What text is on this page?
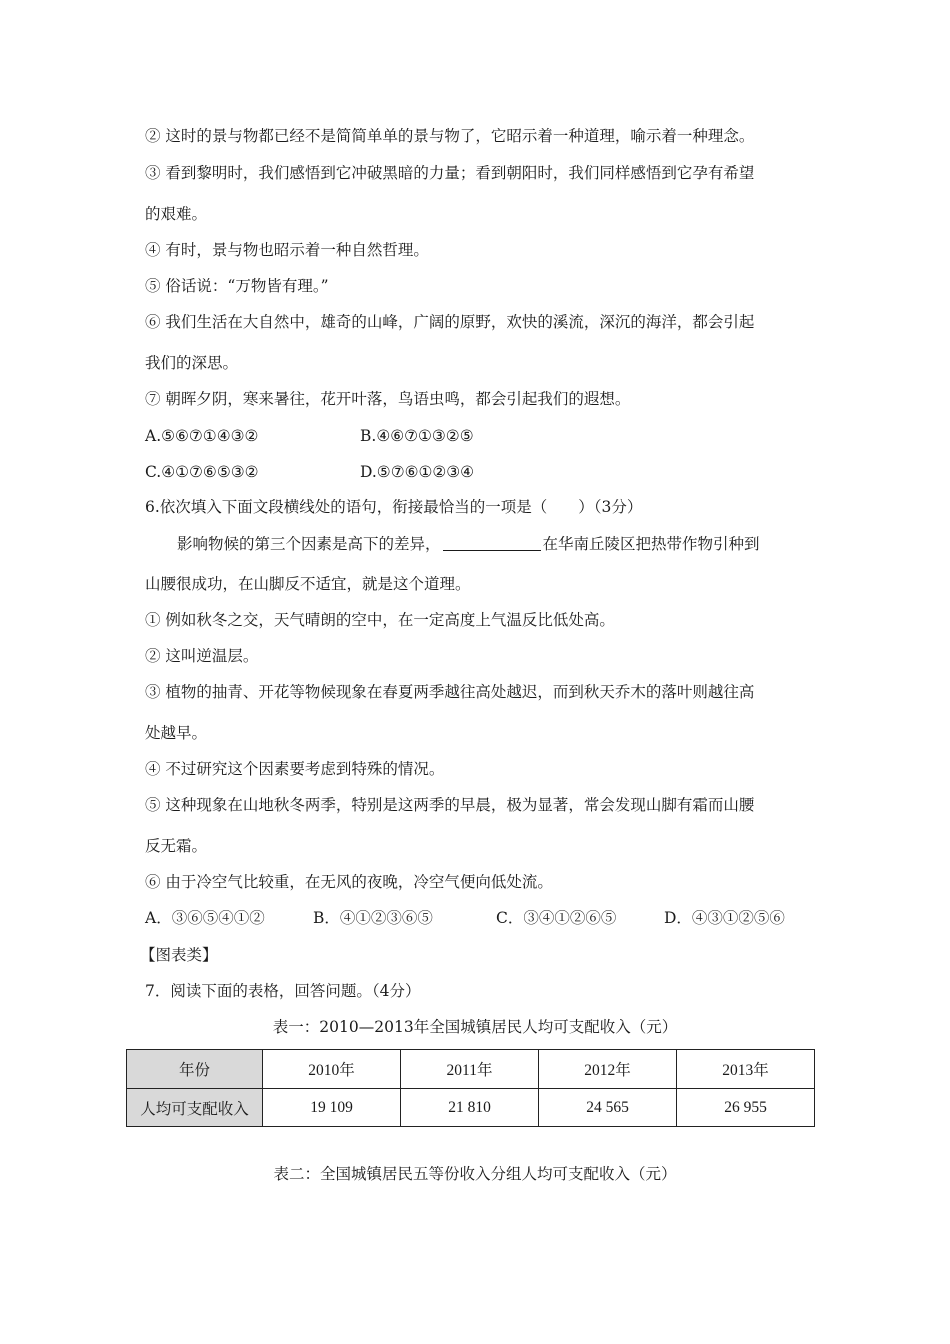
② 这时的景与物都已经不是简简单单的景与物了，它昭示着一种道理，喻示着一种理念。
③ 看到黎明时，我们感悟到它冲破黑暗的力量；看到朝阳时，我们同样感悟到它孕有希望
的艰难。
④ 有时，景与物也昭示着一种自然哲理。
⑤ 俗话说：“万物皆有理。”
⑥ 我们生活在大自然中，雄奇的山峰，广阔的原野，欢快的溪流，深沉的海洋，都会引起
我们的深思。
⑦ 朝晖夕阴，寒来暑往，花开叶落，鸟语虫鸣，都会引起我们的遐想。
A.⑤⑥⑦①④③②	B.④⑥⑦①③②⑤
C.④①⑦⑥⑤③②	D.⑤⑦⑥①②③④
6.依次填入下面文段横线处的语句，衔接最恰当的一项是（　　）（3分）
影响物候的第三个因素是高下的差异，	在华南丘陵区把热带作物引种到
山腰很成功，在山脚反不适宜，就是这个道理。
① 例如秋冬之交，天气晴朗的空中，在一定高度上气温反比低处高。
② 这叫逆温层。
③ 植物的抽青、开花等物候现象在春夏两季越往高处越迟，而到秋天乔木的落叶则越往高
处越早。
④ 不过研究这个因素要考虑到特殊的情况。
⑤ 这种现象在山地秋冬两季，特别是这两季的早晨，极为显著，常会发现山脚有霜而山腰
反无霜。
⑥ 由于冷空气比较重，在无风的夜晚，冷空气便向低处流。
A．③⑥⑤④①②	B．④①②③⑥⑤	C．③④①②⑥⑤	D．④③①②⑤⑥
【图表类】
7．阅读下面的表格，回答问题。（4分）
表一：2010—2013年全国城镇居民人均可支配收入（元）
年份	2010年	2011年	2012年	2013年
人均可支配收入	19 109	21 810	24 565	26 955
表二：全国城镇居民五等份收入分组人均可支配收入（元）
